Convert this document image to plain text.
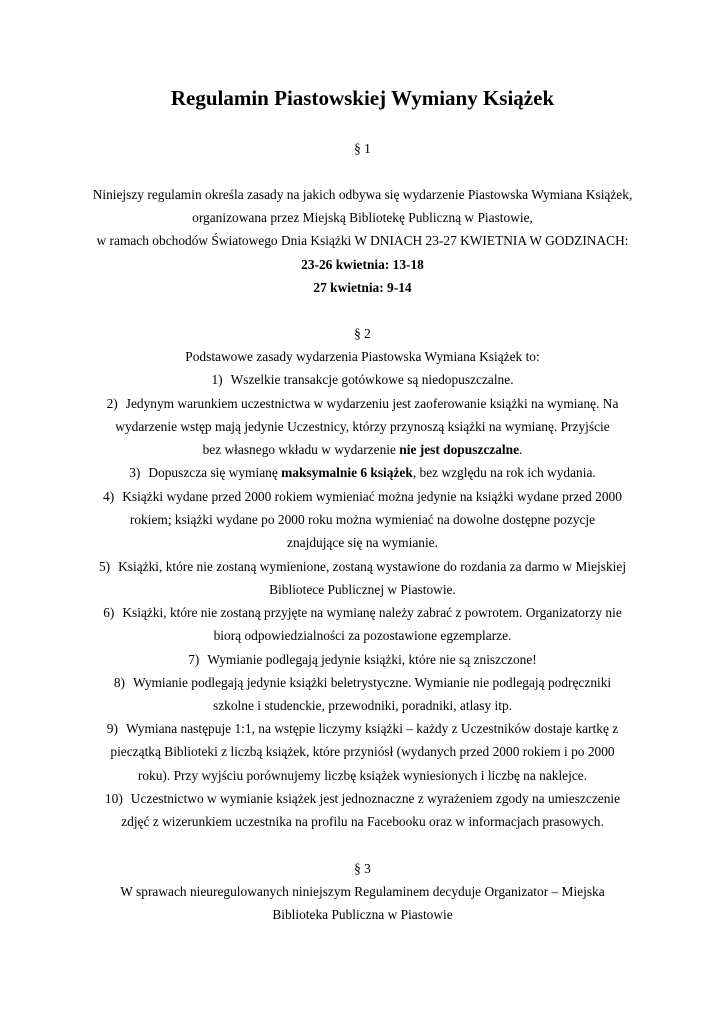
Regulamin Piastowskiej Wymiany Książek
§ 1
Niniejszy regulamin określa zasady na jakich odbywa się wydarzenie Piastowska Wymiana Książek,
organizowana przez Miejską Bibliotekę Publiczną w Piastowie,
w ramach obchodów Światowego Dnia Książki W DNIACH 23-27 KWIETNIA W GODZINACH:
23-26 kwietnia: 13-18
27 kwietnia: 9-14
§ 2
Podstawowe zasady wydarzenia Piastowska Wymiana Książek to:
1) Wszelkie transakcje gotówkowe są niedopuszczalne.
2) Jedynym warunkiem uczestnictwa w wydarzeniu jest zaoferowanie książki na wymianę. Na
wydarzenie wstęp mają jedynie Uczestnicy, którzy przynoszą książki na wymianę. Przyjście
bez własnego wkładu w wydarzenie nie jest dopuszczalne.
3) Dopuszcza się wymianę maksymalnie 6 książek, bez względu na rok ich wydania.
4) Książki wydane przed 2000 rokiem wymieniać można jedynie na książki wydane przed 2000
rokiem; książki wydane po 2000 roku można wymieniać na dowolne dostępne pozycje
znajdujące się na wymianie.
5) Książki, które nie zostaną wymienione, zostaną wystawione do rozdania za darmo w Miejskiej
Bibliotece Publicznej w Piastowie.
6) Książki, które nie zostaną przyjęte na wymianę należy zabrać z powrotem. Organizatorzy nie
biorą odpowiedzialności za pozostawione egzemplarze.
7) Wymianie podlegają jedynie książki, które nie są zniszczone!
8) Wymianie podlegają jedynie książki beletrystyczne. Wymianie nie podlegają podręczniki
szkolne i studenckie, przewodniki, poradniki, atlasy itp.
9) Wymiana następuje 1:1, na wstępie liczymy książki – każdy z Uczestników dostaje kartkę z
pieczątką Biblioteki z liczbą książek, które przyniósł (wydanych przed 2000 rokiem i po 2000
roku). Przy wyjściu porównujemy liczbę książek wyniesionych i liczbę na naklejce.
10) Uczestnictwo w wymianie książek jest jednoznaczne z wyrażeniem zgody na umieszczenie
zdjęć z wizerunkiem uczestnika na profilu na Facebooku oraz w informacjach prasowych.
§ 3
W sprawach nieuregulowanych niniejszym Regulaminem decyduje Organizator – Miejska
Biblioteka Publiczna w Piastowie
